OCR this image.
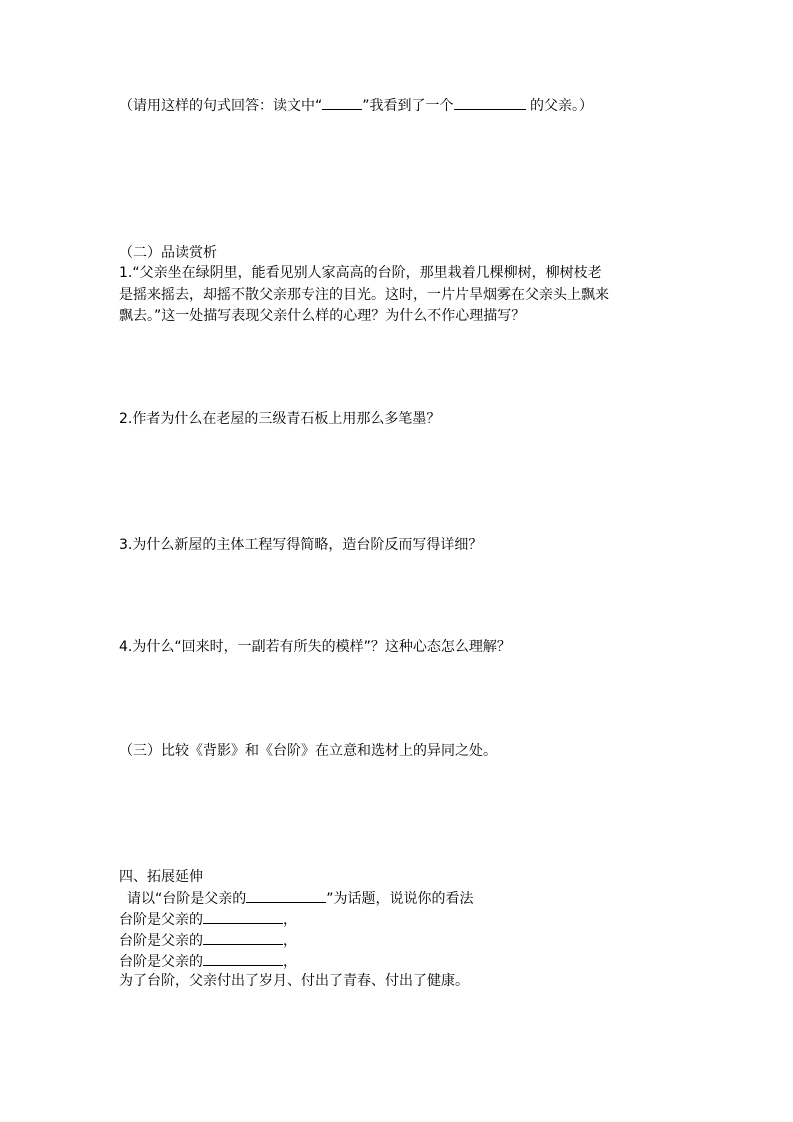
（请用这样的句式回答：读文中“	”我看到了一个	的父亲。）
（二）品读赏析
1.“父亲坐在绿阴里，能看见别人家高高的台阶，那里栽着几棵柳树，柳树枝老
是摇来摇去，却摇不散父亲那专注的目光。这时，一片片旱烟雾在父亲头上飘来
飘去。”这一处描写表现父亲什么样的心理？为什么不作心理描写？
2.作者为什么在老屋的三级青石板上用那么多笔墨？
3.为什么新屋的主体工程写得简略，造台阶反而写得详细？
4.为什么“回来时，一副若有所失的模样”？这种心态怎么理解？
（三）比较《背影》和《台阶》在立意和选材上的异同之处。
四、拓展延伸
请以“台阶是父亲的	”为话题，说说你的看法
台阶是父亲的	，
台阶是父亲的	，
台阶是父亲的	，
为了台阶，父亲付出了岁月、付出了青春、付出了健康。
